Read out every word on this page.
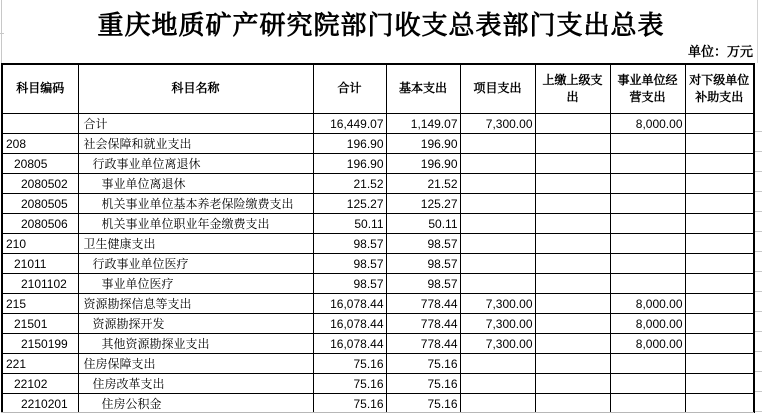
重庆地质矿产研究院部门收支总表部门支出总表
单位：万元
科目编码	科目名称	合计	基本支出	项目支出	上缴上级支出	事业单位经营支出	对下级单位补助支出
	合计	16,449.07	1,149.07	7,300.00		8,000.00	
208	社会保障和就业支出	196.90	196.90				
20805	行政事业单位离退休	196.90	196.90				
2080502	事业单位离退休	21.52	21.52				
2080505	机关事业单位基本养老保险缴费支出	125.27	125.27				
2080506	机关事业单位职业年金缴费支出	50.11	50.11				
210	卫生健康支出	98.57	98.57				
21011	行政事业单位医疗	98.57	98.57				
2101102	事业单位医疗	98.57	98.57				
215	资源勘探信息等支出	16,078.44	778.44	7,300.00		8,000.00	
21501	资源勘探开发	16,078.44	778.44	7,300.00		8,000.00	
2150199	其他资源勘探业支出	16,078.44	778.44	7,300.00		8,000.00	
221	住房保障支出	75.16	75.16				
22102	住房改革支出	75.16	75.16				
2210201	住房公积金	75.16	75.16				
